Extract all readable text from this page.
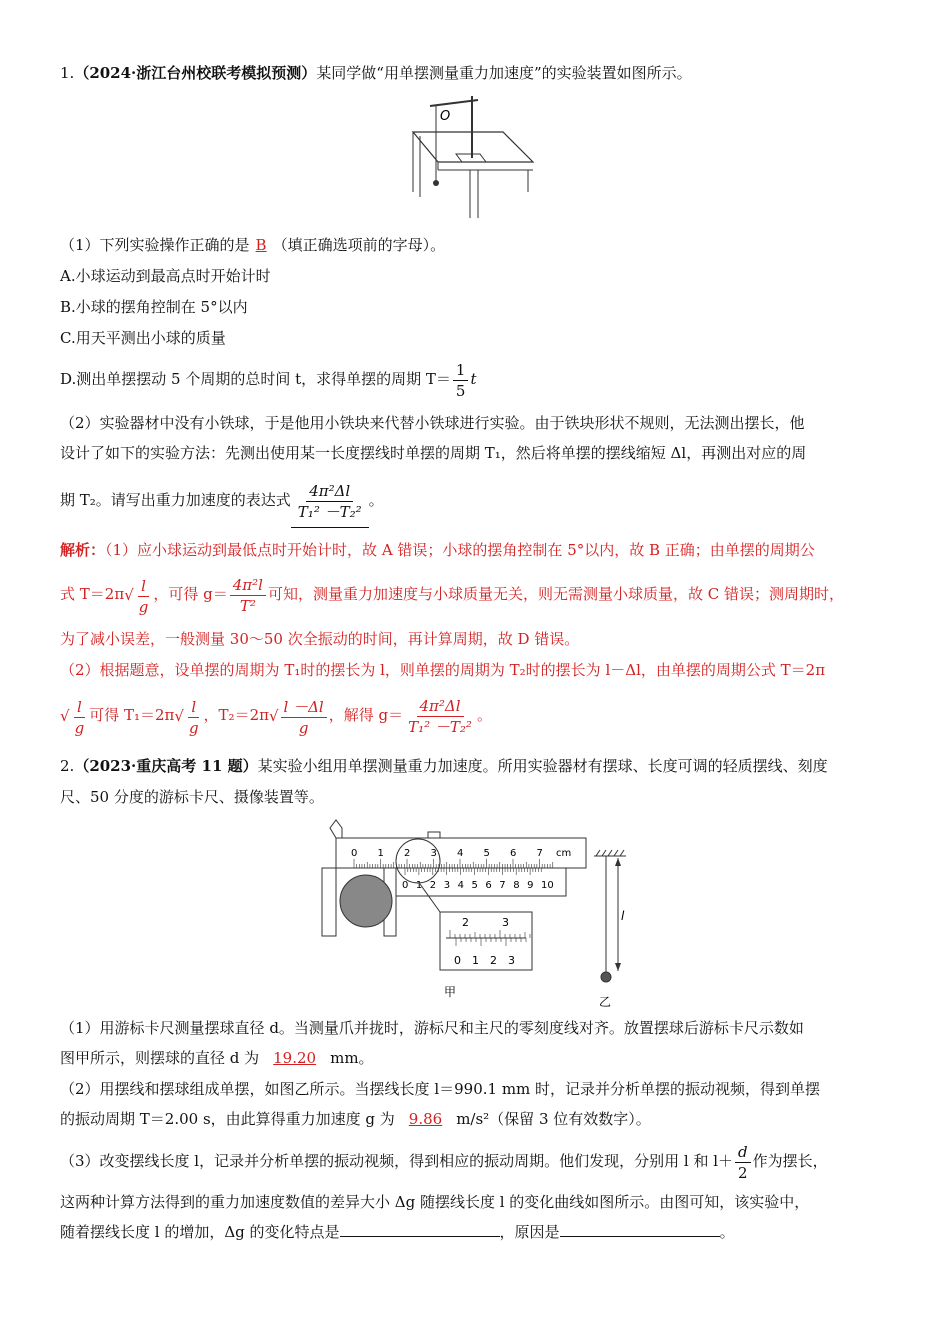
1.（2024·浙江台州校联考模拟预测）某同学做“用单摆测量重力加速度”的实验装置如图所示。
O
（1）下列实验操作正确的是 B （填正确选项前的字母）。
A.小球运动到最高点时开始计时
B.小球的摆角控制在 5°以内
C.用天平测出小球的质量
D.测出单摆摆动 5 个周期的总时间 t，求得单摆的周期 $T= \frac{1}{5}$ t
（2）实验器材中没有小铁球，于是他用小铁块来代替小铁球进行实验。由于铁块形状不规则，无法测出摆长，他
设计了如下的实验方法：先测出使用某一长度摆线时单摆的周期 T₁，然后将单摆的摆线缩短 Δl，再测出对应的周
期 T₂。请写出重力加速度的表达式 $\frac{\text{4π²Δl}}{\text{T₁² －T₂²}}$ 。
解析：（1）应小球运动到最低点时开始计时，故 A 错误；小球的摆角控制在 5°以内，故 B 正确；由单摆的周期公
式 $T=2\pi√ \frac{l}{g}$ ，可得 $g= \frac{\text{4π²l}}{\text{T²}}$ 可知，测量重力加速度与小球质量无关，则无需测量小球质量，故 C 错误；测周期时，
为了减小误差，一般测量 30～50 次全振动的时间，再计算周期，故 D 错误。
（2）根据题意，设单摆的周期为 T₁时的摆长为 l，则单摆的周期为 T₂时的摆长为 l－Δl，由单摆的周期公式 T＝2π
√ $\frac{l}{g}$ 可得 $T_1=2\pi√ \frac{l}{g}$ ，$T_2=2\pi√ \frac{l -\Delta l}{g}$ ，解得 $g= \frac{\text{4π²Δl}}{\text{T₁² －T₂²}}$ 。
2.（2023·重庆高考 11 题）某实验小组用单摆测量重力加速度。所用实验器材有摆球、长度可调的轻质摆线、刻度
尺、50 分度的游标卡尺、摄像装置等。
0 1 2 3 4 5 6 7 cm
0 1 2 3 4 5 6 7 8 9 10
2	3
0 1 2 3
甲
l
乙
（1）用游标卡尺测量摆球直径 d。当测量爪并拢时，游标尺和主尺的零刻度线对齐。放置摆球后游标卡尺示数如
图甲所示，则摆球的直径 d 为 19.20 mm。
（2）用摆线和摆球组成单摆，如图乙所示。当摆线长度 l＝990.1 mm 时，记录并分析单摆的振动视频，得到单摆
的振动周期 T＝2.00 s，由此算得重力加速度 g 为 9.86 m/s²（保留 3 位有效数字）。
（3）改变摆线长度 l，记录并分析单摆的振动视频，得到相应的振动周期。他们发现，分别用 l 和 $l+ \frac{d}{2}$ 作为摆长，
这两种计算方法得到的重力加速度数值的差异大小 Δg 随摆线长度 l 的变化曲线如图所示。由图可知，该实验中，
随着摆线长度 l 的增加，Δg 的变化特点是	，原因是	。
